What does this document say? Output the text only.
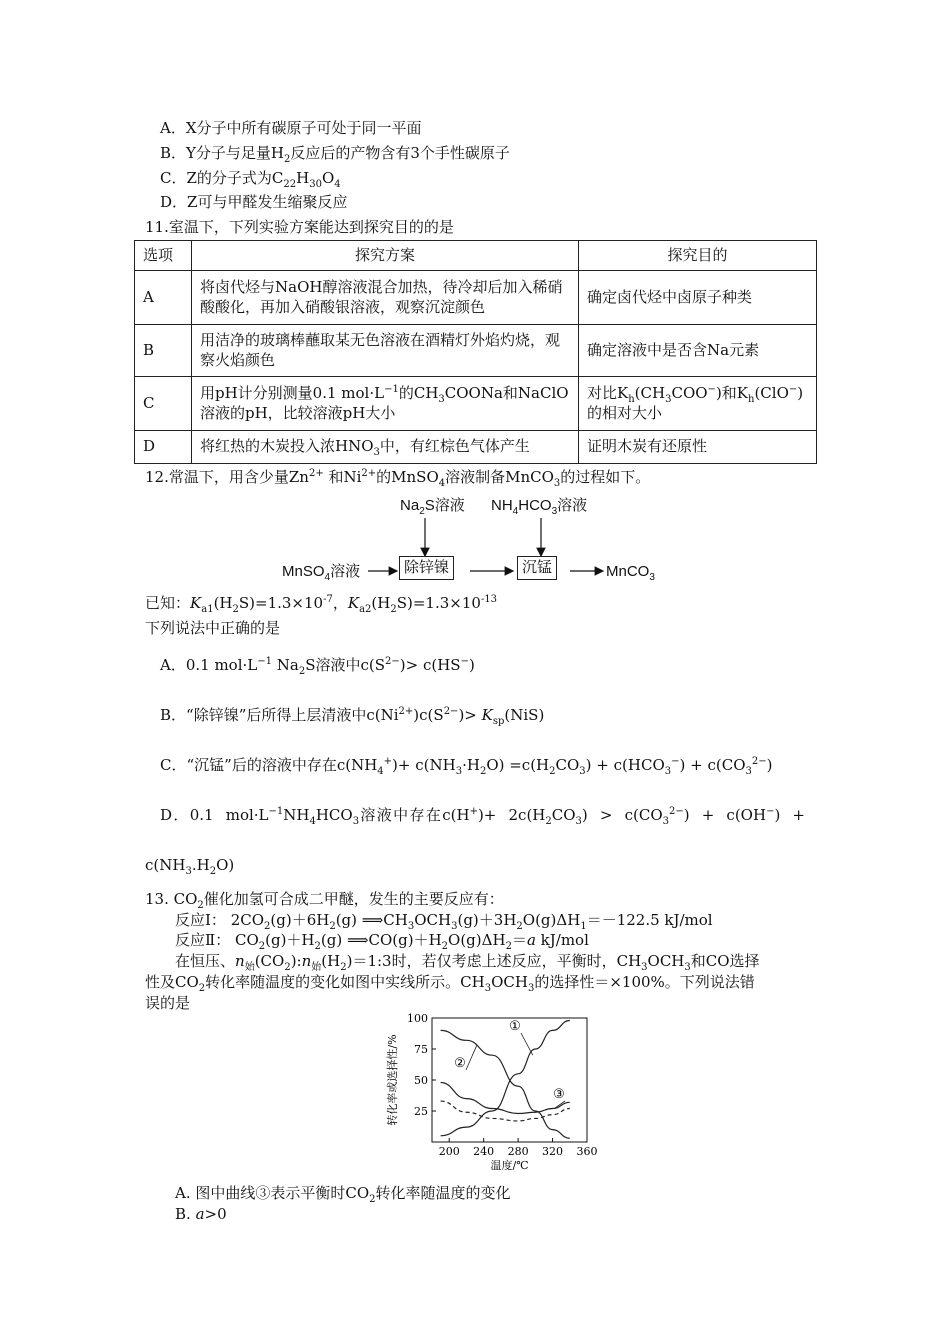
A．X分子中所有碳原子可处于同一平面
B．Y分子与足量$H_2$反应后的产物含有3个手性碳原子
C．Z的分子式为$C_{22}H_{30}O_4$
D．Z可与甲醛发生缩聚反应
11.室温下，下列实验方案能达到探究目的的是
选项	探究方案	探究目的
A	将卤代烃与NaOH醇溶液混合加热，待冷却后加入稀硝酸酸化，再加入硝酸银溶液，观察沉淀颜色	确定卤代烃中卤原子种类
B	用洁净的玻璃棒蘸取某无色溶液在酒精灯外焰灼烧，观察火焰颜色	确定溶液中是否含Na元素
C	用pH计分别测量0.1 $mol\cdot L^{-1}$的$CH_3COONa$和NaClO溶液的pH，比较溶液pH大小	对比$K_h(CH_3COO^-)$和$K_h(ClO^-)$的相对大小
D	将红热的木炭投入浓$HNO_3$中，有红棕色气体产生	证明木炭有还原性
12.常温下，用含少量$Zn^{2+}$ 和$Ni^{2+}$的MnSO$_4$溶液制备MnCO$_3$的过程如下。
$Na_2S$溶液 $NH_4HCO_3$溶液
MnSO$_4$溶液	除锌镍	沉锰	MnCO$_3$
已知：$K_{a1}(H_2S)=1.3\times 10^{-7}$，$K_{a2}(H_2S)=1.3\times 10^{-13}$
下列说法中正确的是
A．0.1 $mol\cdot L^{-1}$ $Na_2S$溶液中$c(S^{2-})> c(HS^-)$
B．“除锌镍”后所得上层清液中$c(Ni^{2+})c(S^{2-})> K_{sp}(NiS)$
C．“沉锰”后的溶液中存在$c(NH_4^+)+ c(NH_3\cdot H_2O) =c(H_2CO_3) + c(HCO_3^-) + c(CO_3^{2-})$
D．0.1 $mol\cdot L^{-1}NH_4HCO_3$溶液中存在$c(H^+)+ 2c(H_2CO_3) > c(CO_3^{2-}) + c(OH^-)$ +
$c(NH_3.H_2O)$
13. $CO_2$催化加氢可合成二甲醚，发生的主要反应有：
反应Ⅰ： $2CO_2(g)+6H_2(g)$ $⟹CH_3OCH_3(g)+3H_2O(g)\Delta H_1=-122.5$ kJ/mol
反应Ⅱ： $CO_2(g)+H_2(g)$ $⟹CO(g)+H_2O(g)\Delta H_2=a$ kJ/mol
在恒压、$n_始(CO_2):n_始(H_2)=1:3$时，若仅考虑上述反应，平衡时，$CH_3OCH_3$和CO选择
性及$CO_2$转化率随温度的变化如图中实线所示。$CH_3OCH_3$的选择性＝×100%。下列说法错
误的是
100
75
50
25
200 240 280 320 360
温度/℃
转化率或选择性/%
①
②
③
A. 图中曲线③表示平衡时$CO_2$转化率随温度的变化
B. a>0
